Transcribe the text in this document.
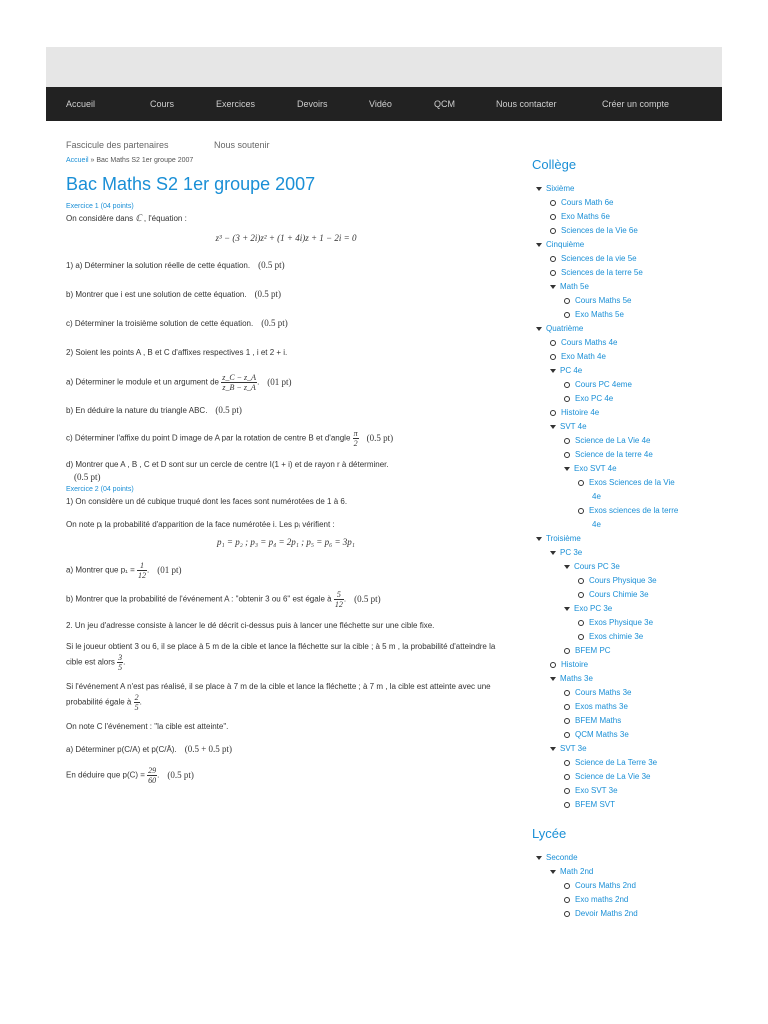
Accueil	Cours	Exercices	Devoirs	Vidéo	QCM	Nous contacter	Créer un compte
Fascicule des partenaires	Nous soutenir
Accueil » Bac Maths S2 1er groupe 2007
Bac Maths S2 1er groupe 2007
Exercice 1 (04 points)

On considère dans ℂ , l'équation :

z³ − (3 + 2i)z² + (1 + 4i)z + 1 − 2i = 0

1) a) Déterminer la solution réelle de cette équation. (0.5 pt)

b) Montrer que i est une solution de cette équation. (0.5 pt)

c) Déterminer la troisième solution de cette équation. (0.5 pt)

2) Soient les points A , B et C d'affixes respectives 1 , i et 2 + i.

a) Déterminer le module et un argument de $\frac{z\_C - z\_A}{z\_B - z\_A}$ . (01 pt)

b) En déduire la nature du triangle ABC. (0.5 pt)

c) Déterminer l'affixe du point D image de A par la rotation de centre B et d'angle $\frac{\pi}{2} (0.5$ pt)

d) Montrer que A , B , C et D sont sur un cercle de centre I(1 + i) et de rayon r à déterminer.
(0.5 pt)

Exercice 2 (04 points)

1) On considère un dé cubique truqué dont les faces sont numérotées de 1 à 6.

On note pᵢ la probabilité d'apparition de la face numérotée i. Les pᵢ vérifient :

p₁ = p₂ ; p₃ = p₄ = 2p₁ ; p₅ = p₆ = 3p₁

a) Montrer que $p_1 = \frac{1}{12}$ . (01 pt)

b) Montrer que la probabilité de l'événement A : "obtenir 3 ou 6" est égale à $\frac{5}{12}$ . (0.5 pt)

2. Un jeu d'adresse consiste à lancer le dé décrit ci-dessus puis à lancer une fléchette sur une cible fixe.

Si le joueur obtient 3 ou 6, il se place à 5 m de la cible et lance la fléchette sur la cible ; à 5 m , la probabilité d'atteindre la cible est alors $\frac{3}{5}$ .

Si l'événement A n'est pas réalisé, il se place à 7 m de la cible et lance la fléchette ; à 7 m , la cible est atteinte avec une probabilité égale à $\frac{2}{5}$ .

On note C l'événement : "la cible est atteinte".

a) Déterminer p(C/A) et p(C/Ā). (0.5 + 0.5 pt)

En déduire que $p(C) = \frac{29}{60}$ . (0.5 pt)

Collège
Sixième
Cours Math 6e
Exo Maths 6e
Sciences de la Vie 6e
Cinquième
Sciences de la vie 5e
Sciences de la terre 5e
Math 5e
Cours Maths 5e
Exo Maths 5e
Quatrième
Cours Maths 4e
Exo Math 4e
PC 4e
Cours PC 4eme
Exo PC 4e
Histoire 4e
SVT 4e
Science de La Vie 4e
Science de la terre 4e
Exo SVT 4e
Exos Sciences de la Vie
4e
Exos sciences de la terre
4e
Troisième
PC 3e
Cours PC 3e
Cours Physique 3e
Cours Chimie 3e
Exo PC 3e
Exos Physique 3e
Exos chimie 3e
BFEM PC
Histoire
Maths 3e
Cours Maths 3e
Exos maths 3e
BFEM Maths
QCM Maths 3e
SVT 3e
Science de La Terre 3e
Science de La Vie 3e
Exo SVT 3e
BFEM SVT
Lycée
Seconde
Math 2nd
Cours Maths 2nd
Exo maths 2nd
Devoir Maths 2nd
